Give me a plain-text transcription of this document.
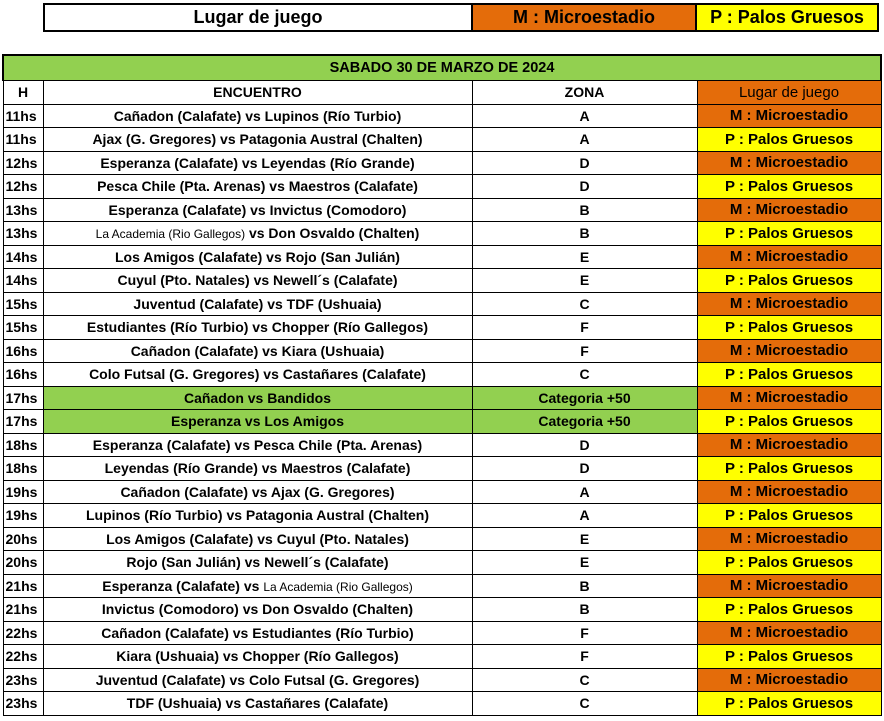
Lugar de juego	M : Microestadio	P : Palos Gruesos
SABADO 30 DE MARZO DE 2024			
H	ENCUENTRO	ZONA	Lugar de juego
11hs	Cañadon (Calafate) vs Lupinos (Río Turbio)	A	M : Microestadio
11hs	Ajax (G. Gregores) vs Patagonia Austral (Chalten)	A	P : Palos Gruesos
12hs	Esperanza (Calafate) vs Leyendas (Río Grande)	D	M : Microestadio
12hs	Pesca Chile (Pta. Arenas) vs Maestros (Calafate)	D	P : Palos Gruesos
13hs	Esperanza (Calafate) vs Invictus (Comodoro)	B	M : Microestadio
13hs	La Academia (Rio Gallegos) vs Don Osvaldo (Chalten)	B	P : Palos Gruesos
14hs	Los Amigos (Calafate) vs Rojo (San Julián)	E	M : Microestadio
14hs	Cuyul (Pto. Natales) vs Newell´s (Calafate)	E	P : Palos Gruesos
15hs	Juventud (Calafate) vs TDF (Ushuaia)	C	M : Microestadio
15hs	Estudiantes (Río Turbio) vs Chopper (Río Gallegos)	F	P : Palos Gruesos
16hs	Cañadon (Calafate) vs Kiara (Ushuaia)	F	M : Microestadio
16hs	Colo Futsal (G. Gregores) vs Castañares (Calafate)	C	P : Palos Gruesos
17hs	Cañadon vs Bandidos	Categoria +50	M : Microestadio
17hs	Esperanza vs Los Amigos	Categoria +50	P : Palos Gruesos
18hs	Esperanza (Calafate) vs Pesca Chile (Pta. Arenas)	D	M : Microestadio
18hs	Leyendas (Río Grande) vs Maestros (Calafate)	D	P : Palos Gruesos
19hs	Cañadon (Calafate) vs Ajax (G. Gregores)	A	M : Microestadio
19hs	Lupinos (Río Turbio) vs Patagonia Austral (Chalten)	A	P : Palos Gruesos
20hs	Los Amigos (Calafate) vs Cuyul (Pto. Natales)	E	M : Microestadio
20hs	Rojo (San Julián) vs Newell´s (Calafate)	E	P : Palos Gruesos
21hs	Esperanza (Calafate) vs La Academia (Rio Gallegos)	B	M : Microestadio
21hs	Invictus (Comodoro) vs Don Osvaldo (Chalten)	B	P : Palos Gruesos
22hs	Cañadon (Calafate) vs Estudiantes (Río Turbio)	F	M : Microestadio
22hs	Kiara (Ushuaia) vs Chopper (Río Gallegos)	F	P : Palos Gruesos
23hs	Juventud (Calafate) vs Colo Futsal (G. Gregores)	C	M : Microestadio
23hs	TDF (Ushuaia) vs Castañares (Calafate)	C	P : Palos Gruesos
